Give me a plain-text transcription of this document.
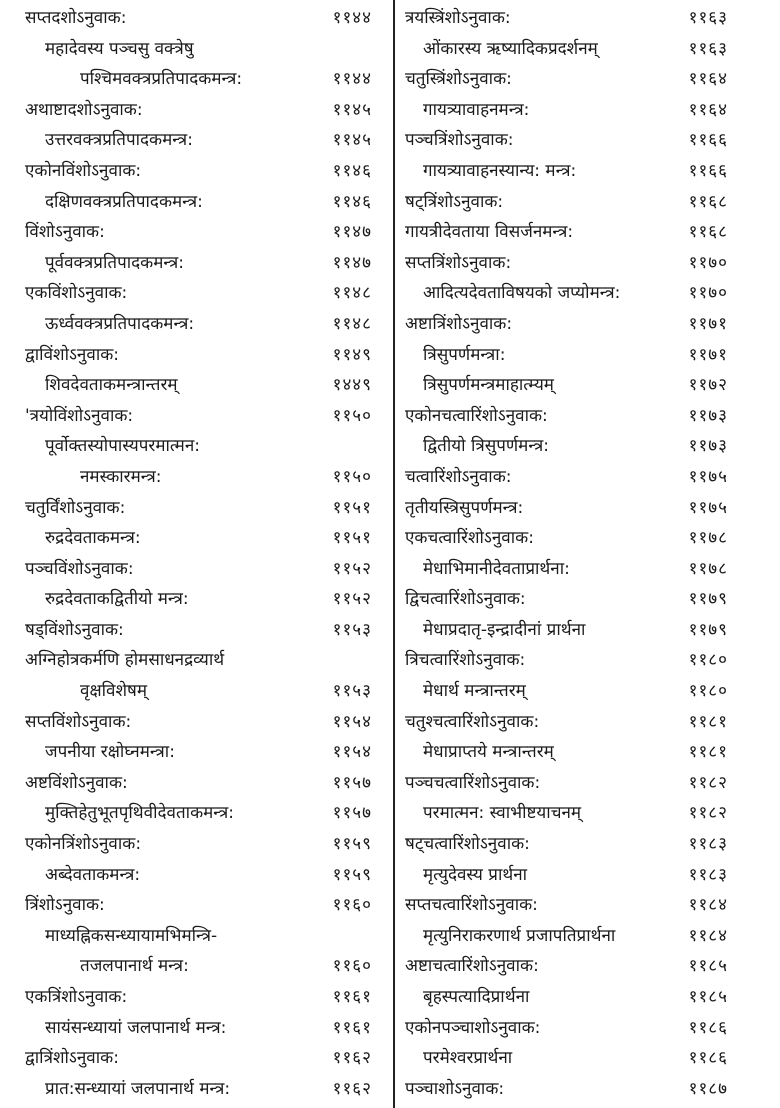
सप्तदशोऽनुवाक:	११४४
महादेवस्य पञ्चसु वक्त्रेषु
पश्चिमवक्त्रप्रतिपादकमन्त्र:	११४४
अथाष्टादशोऽनुवाक:	११४५
उत्तरवक्त्रप्रतिपादकमन्त्र:	११४५
एकोनविंशोऽनुवाक:	११४६
दक्षिणवक्त्रप्रतिपादकमन्त्र:	११४६
विंशोऽनुवाक:	११४७
पूर्ववक्त्रप्रतिपादकमन्त्र:	११४७
एकविंशोऽनुवाक:	११४८
ऊर्ध्ववक्त्रप्रतिपादकमन्त्र:	११४८
द्वाविंशोऽनुवाक:	११४९
शिवदेवताकमन्त्रान्तरम्	१४४९
'त्रयोविंशोऽनुवाक:	११५०
पूर्वोक्तस्योपास्यपरमात्मन:
नमस्कारमन्त्र:	११५०
चतुर्विंशोऽनुवाक:	११५१
रुद्रदेवताकमन्त्र:	११५१
पञ्चविंशोऽनुवाक:	११५२
रुद्रदेवताकद्वितीयो मन्त्र:	११५२
षड्विंशोऽनुवाक:	११५३
अग्निहोत्रकर्मणि होमसाधनद्रव्यार्थ
वृक्षविशेषम्	११५३
सप्तविंशोऽनुवाक:	११५४
जपनीया रक्षोघ्नमन्त्रा:	११५४
अष्टविंशोऽनुवाक:	११५७
मुक्तिहेतुभूतपृथिवीदेवताकमन्त्र:	११५७
एकोनत्रिंशोऽनुवाक:	११५९
अब्देवताकमन्त्र:	११५९
त्रिंशोऽनुवाक:	११६०
माध्यह्निकसन्ध्यायामभिमन्त्रि-
तजलपानार्थ मन्त्र:	११६०
एकत्रिंशोऽनुवाक:	११६१
सायंसन्ध्यायां जलपानार्थ मन्त्र:	११६१
द्वात्रिंशोऽनुवाक:	११६२
प्रात:सन्ध्यायां जलपानार्थ मन्त्र:	११६२
त्रयस्त्रिंशोऽनुवाक:	११६३
ओंकारस्य ऋष्यादिकप्रदर्शनम्	११६३
चतुस्त्रिंशोऽनुवाक:	११६४
गायत्र्यावाहनमन्त्र:	११६४
पञ्चत्रिंशोऽनुवाक:	११६६
गायत्र्यावाहनस्यान्य: मन्त्र:	११६६
षट्त्रिंशोऽनुवाक:	११६८
गायत्रीदेवताया विसर्जनमन्त्र:	११६८
सप्तत्रिंशोऽनुवाक:	११७०
आदित्यदेवताविषयको जप्योमन्त्र:	११७०
अष्टात्रिंशोऽनुवाक:	११७१
त्रिसुपर्णमन्त्रा:	११७१
त्रिसुपर्णमन्त्रमाहात्म्यम्	११७२
एकोनचत्वारिंशोऽनुवाक:	११७३
द्वितीयो त्रिसुपर्णमन्त्र:	११७३
चत्वारिंशोऽनुवाक:	११७५
तृतीयस्त्रिसुपर्णमन्त्र:	११७५
एकचत्वारिंशोऽनुवाक:	११७८
मेधाभिमानीदेवताप्रार्थना:	११७८
द्विचत्वारिंशोऽनुवाक:	११७९
मेधाप्रदातृ-इन्द्रादीनां प्रार्थना	११७९
त्रिचत्वारिंशोऽनुवाक:	११८०
मेधार्थ मन्त्रान्तरम्	११८०
चतुश्चत्वारिंशोऽनुवाक:	११८१
मेधाप्राप्तये मन्त्रान्तरम्	११८१
पञ्चचत्वारिंशोऽनुवाक:	११८२
परमात्मन: स्वाभीष्टयाचनम्	११८२
षट्चत्वारिंशोऽनुवाक:	११८३
मृत्युदेवस्य प्रार्थना	११८३
सप्तचत्वारिंशोऽनुवाक:	११८४
मृत्युनिराकरणार्थ प्रजापतिप्रार्थना	११८४
अष्टाचत्वारिंशोऽनुवाक:	११८५
बृहस्पत्यादिप्रार्थना	११८५
एकोनपञ्चाशोऽनुवाक:	११८६
परमेश्वरप्रार्थना	११८६
पञ्चाशोऽनुवाक:	११८७
